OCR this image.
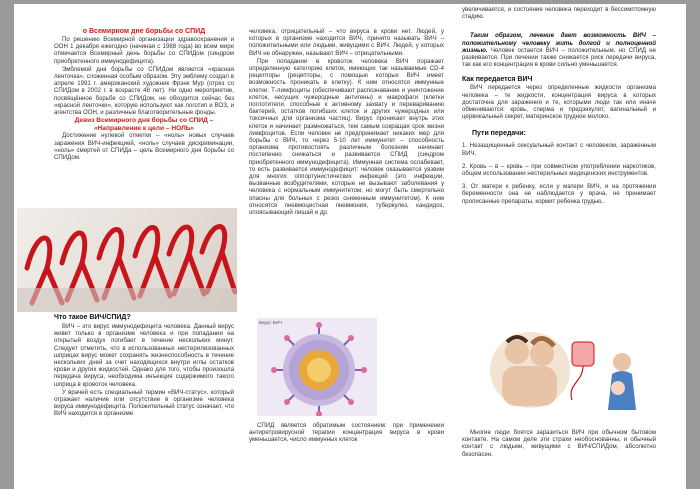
о Всемирном дне борьбы со СПИД

По решению Всемирной организации здравоохранения и ООН 1 декабря ежегодно (начиная с 1988 года) во всем мире отмечается Всемирный день борьбы со СПИДом (синдром приобретенного иммунодефицита).

Эмблемой дня борьбы со СПИДом является «красная ленточка», сложенная особым образом. Эту эмблему создал в апреле 1991 г. американский художник Фрэнк Мур (отрез со СПИДом в 2002 г. в возрасте 48 лет). Ни одно мероприятие, посвящённое борьбе со СПИДом, не обходится сейчас без «красной ленточки», которую используют как логотип и ВОЗ, и агентства ООН, и различные благотворительные фонды.

Девиз Всемирного дня борьбы со СПИД – «Направление к цели – НОЛЬ»

Достижение нулевой отметки – «ноль» новых случаев заражения ВИЧ-инфекцией, «ноль» случаев дискриминации, «ноль» смертей от СПИДа – цель Всемирного дня борьбы со СПИДом.

Что такое ВИЧ/СПИД?

ВИЧ – это вирус иммунодефицита человека. Данный вирус живет только в организме человека и при попадании на открытый воздух погибает в течение нескольких минут. Следует отметить, что в использованных нестерилизованных шприцах вирус может сохранять жизнеспособность в течение нескольких дней за счет находящихся внутри иглы остатков крови и других жидкостей. Однако для того, чтобы произошла передача вируса, необходима инъекция содержимого такого шприца в кровоток человека.

У врачей есть специальный термин «ВИЧ-статус», который отражает наличие или отсутствие в организме человека вируса иммунодефицита. Положительный статус означает, что ВИЧ находится в организме

человека, отрицательный – что вируса в крови нет. Людей, у которых в организме находится ВИЧ, принято называть ВИЧ – положительными или людьми, живущими с ВИЧ. Людей, у которых ВИЧ не обнаружен, называют ВИЧ – отрицательными.

При попадании в кровоток человека ВИЧ поражает определенную категорию клеток, имеющих так называемые CD-4 рецепторы (рецепторы, с помощью которых ВИЧ имеет возможность проникать в клетку). К ним относятся иммунные клетки: Т-лимфоциты (обеспечивают распознавание и уничтожение клеток, несущих чужеродные антигены) и макрофаги (клетки поглотители, способные к активному захвату и перевариванию бактерий, остатков погибших клеток и других чужеродных или токсичных для организма частиц). Вирус проникает внутрь этих клеток и начинает размножаться, тем самым сокращая срок жизни лимфоцитов. Если человек не предпринимает никаких мер для борьбы с ВИЧ, то через 5-10 лет иммунитет – способность организма противостоять различным болезням начинает постепенно снижаться и развивается СПИД (синдром приобретенного иммунодефицита). Иммунная система ослабевает, то есть развивается иммунодефицит: человек оказывается уязвим для многих оппортунистических инфекций (это инфекции, вызванные возбудителями, которые не вызывают заболевания у человека с нормальным иммунитетом, но могут быть смертельно опасны для больных с резко сниженным иммунитетом). К ним относятся пневмоцистная пневмония, туберкулез, кандидоз, опоясывающий лишай и др.

Вирус ВИЧ

СПИД является обратимым состоянием: при применении антиретровирусной терапии концентрация вируса в крови уменьшается, число иммунных клеток

увеличивается, и состояние человека переходит в бессимптомную стадию.

Таким образом, лечение дает возможность ВИЧ – положительному человеку жить долгой и полноценной жизнью. Человек остается ВИЧ – положительным, но СПИД не развивается. При лечении также снижается риск передачи вируса, так как его концентрация в крови сильно уменьшается.

Как передается ВИЧ

ВИЧ передается через определенные жидкости организма человека – те жидкости, концентрация вируса в которых достаточна для заражения и те, которыми люди так или иначе обмениваются: кровь, сперма и предэякулят, вагинальный и цервикальный секрет, материнское грудное молоко.

Пути передачи:

1. Незащищенный сексуальный контакт с человеком, зараженным ВИЧ.

2. Кровь – в – кровь – при совместном употреблении наркотиков, общем использовании нестерильных медицинских инструментов.

3. От матери к ребенку, если у матери ВИЧ, и на протяжении беременности она не наблюдается у врача, не принимает прописанные препараты, кормит ребенка грудью..

Многие люди боятся заразиться ВИЧ при обычном бытовом контакте. На самом деле эти страхи необоснованны, и обычный контакт с людьми, живущими с ВИЧ/СПИДом, абсолютно безопасен.
